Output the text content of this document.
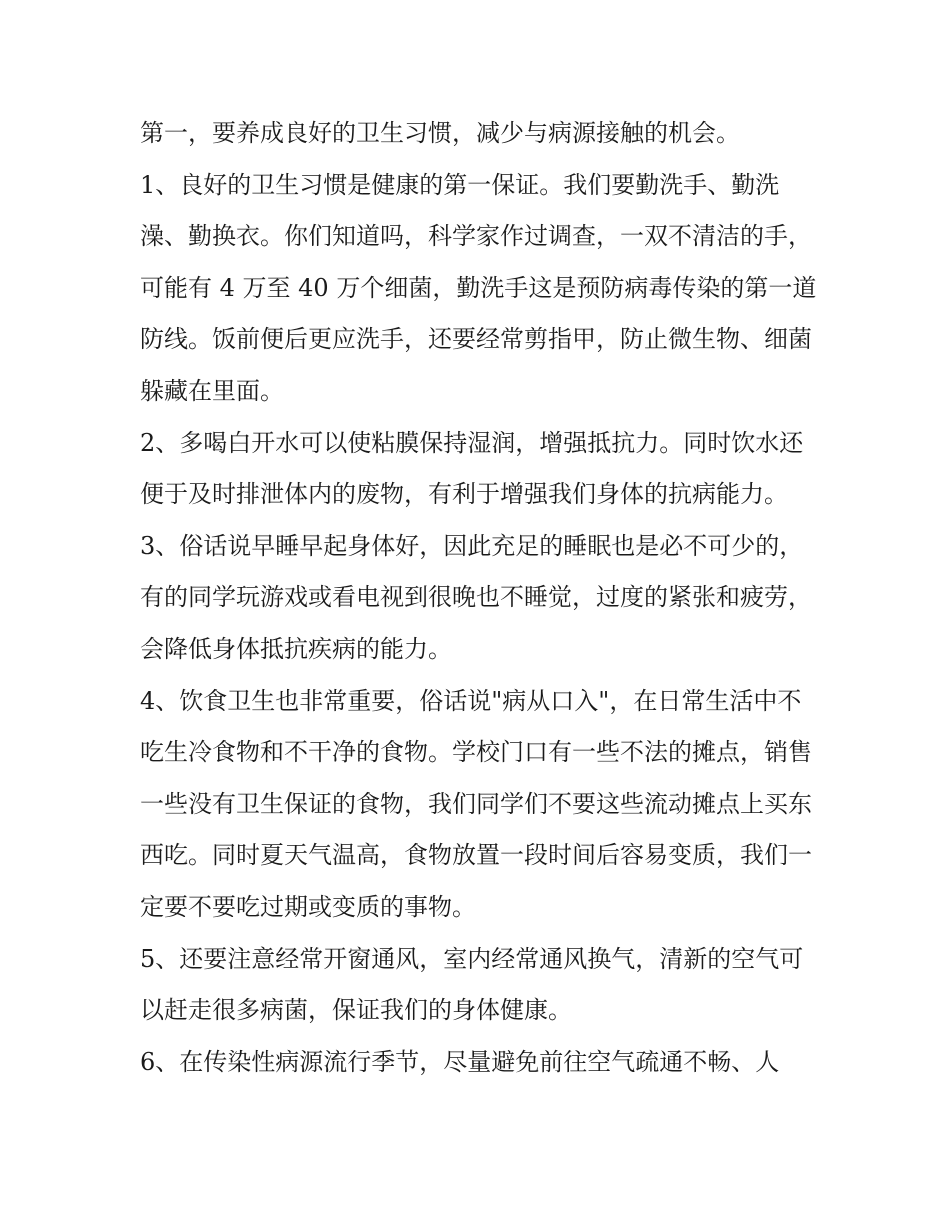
第一，要养成良好的卫生习惯，减少与病源接触的机会。

1、良好的卫生习惯是健康的第一保证。我们要勤洗手、勤洗澡、勤换衣。你们知道吗，科学家作过调查，一双不清洁的手，可能有 4 万至 40 万个细菌，勤洗手这是预防病毒传染的第一道防线。饭前便后更应洗手，还要经常剪指甲，防止微生物、细菌躲藏在里面。

2、多喝白开水可以使粘膜保持湿润，增强抵抗力。同时饮水还便于及时排泄体内的废物，有利于增强我们身体的抗病能力。

3、俗话说早睡早起身体好，因此充足的睡眠也是必不可少的，有的同学玩游戏或看电视到很晚也不睡觉，过度的紧张和疲劳，会降低身体抵抗疾病的能力。

4、饮食卫生也非常重要，俗话说"病从口入"，在日常生活中不吃生冷食物和不干净的食物。学校门口有一些不法的摊点，销售一些没有卫生保证的食物，我们同学们不要这些流动摊点上买东西吃。同时夏天气温高，食物放置一段时间后容易变质，我们一定要不要吃过期或变质的事物。

5、还要注意经常开窗通风，室内经常通风换气，清新的空气可以赶走很多病菌，保证我们的身体健康。

6、在传染性病源流行季节，尽量避免前往空气疏通不畅、人
